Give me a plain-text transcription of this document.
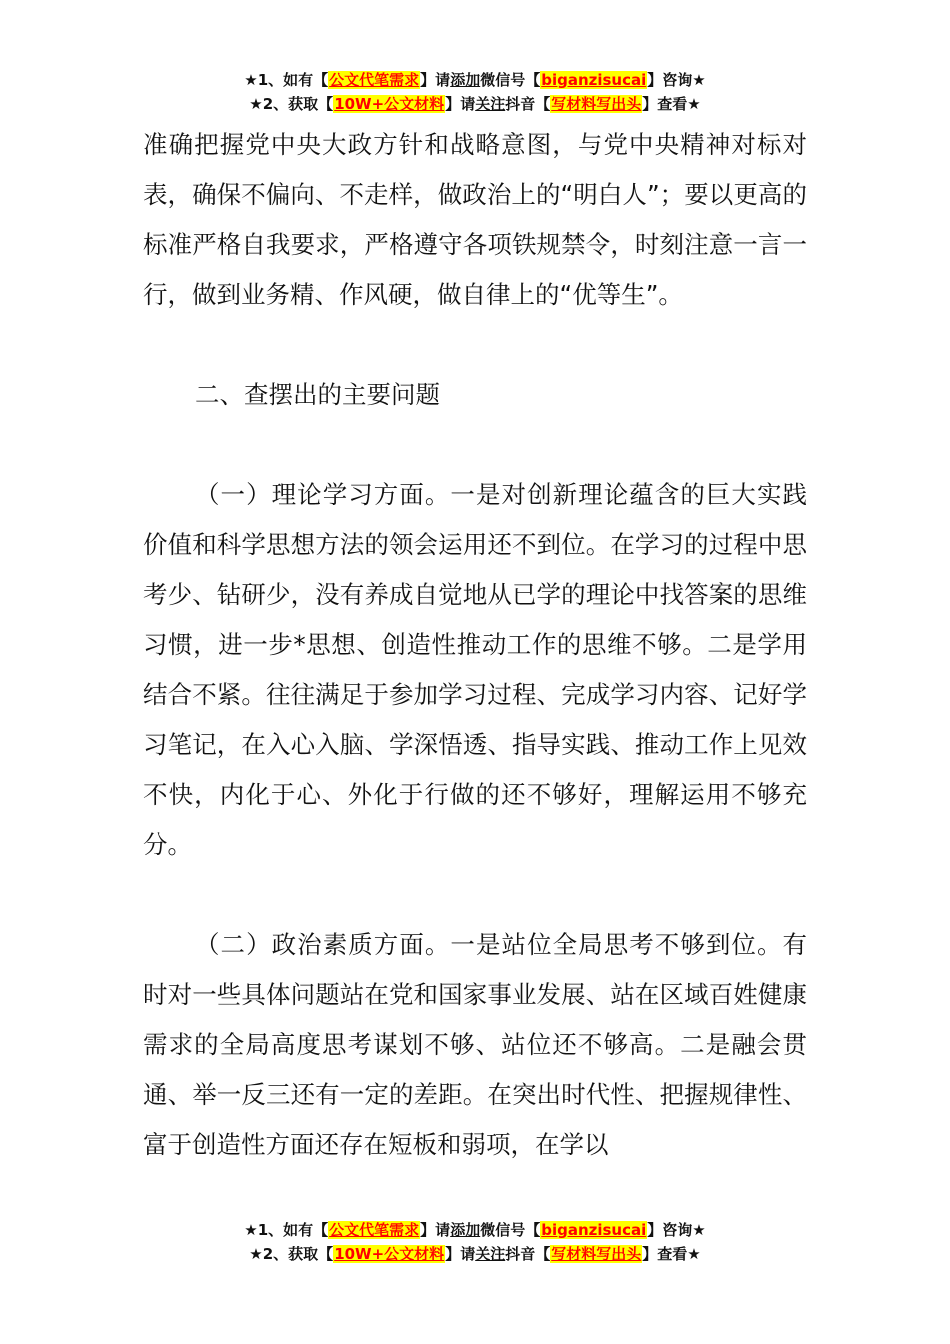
★1、如有【公文代笔需求】请添加微信号【biganzisucai】咨询★
★2、获取【10W+公文材料】请关注抖音【写材料写出头】查看★

准确把握党中央大政方针和战略意图，与党中央精神对标对表，确保不偏向、不走样，做政治上的“明白人”；要以更高的标准严格自我要求，严格遵守各项铁规禁令，时刻注意一言一行，做到业务精、作风硬，做自律上的“优等生”。

二、查摆出的主要问题

（一）理论学习方面。一是对创新理论蕴含的巨大实践价值和科学思想方法的领会运用还不到位。在学习的过程中思考少、钻研少，没有养成自觉地从已学的理论中找答案的思维习惯，进一步*思想、创造性推动工作的思维不够。二是学用结合不紧。往往满足于参加学习过程、完成学习内容、记好学习笔记，在入心入脑、学深悟透、指导实践、推动工作上见效不快，内化于心、外化于行做的还不够好，理解运用不够充分。

（二）政治素质方面。一是站位全局思考不够到位。有时对一些具体问题站在党和国家事业发展、站在区域百姓健康需求的全局高度思考谋划不够、站位还不够高。二是融会贯通、举一反三还有一定的差距。在突出时代性、把握规律性、富于创造性方面还存在短板和弱项，在学以

★1、如有【公文代笔需求】请添加微信号【biganzisucai】咨询★
★2、获取【10W+公文材料】请关注抖音【写材料写出头】查看★
